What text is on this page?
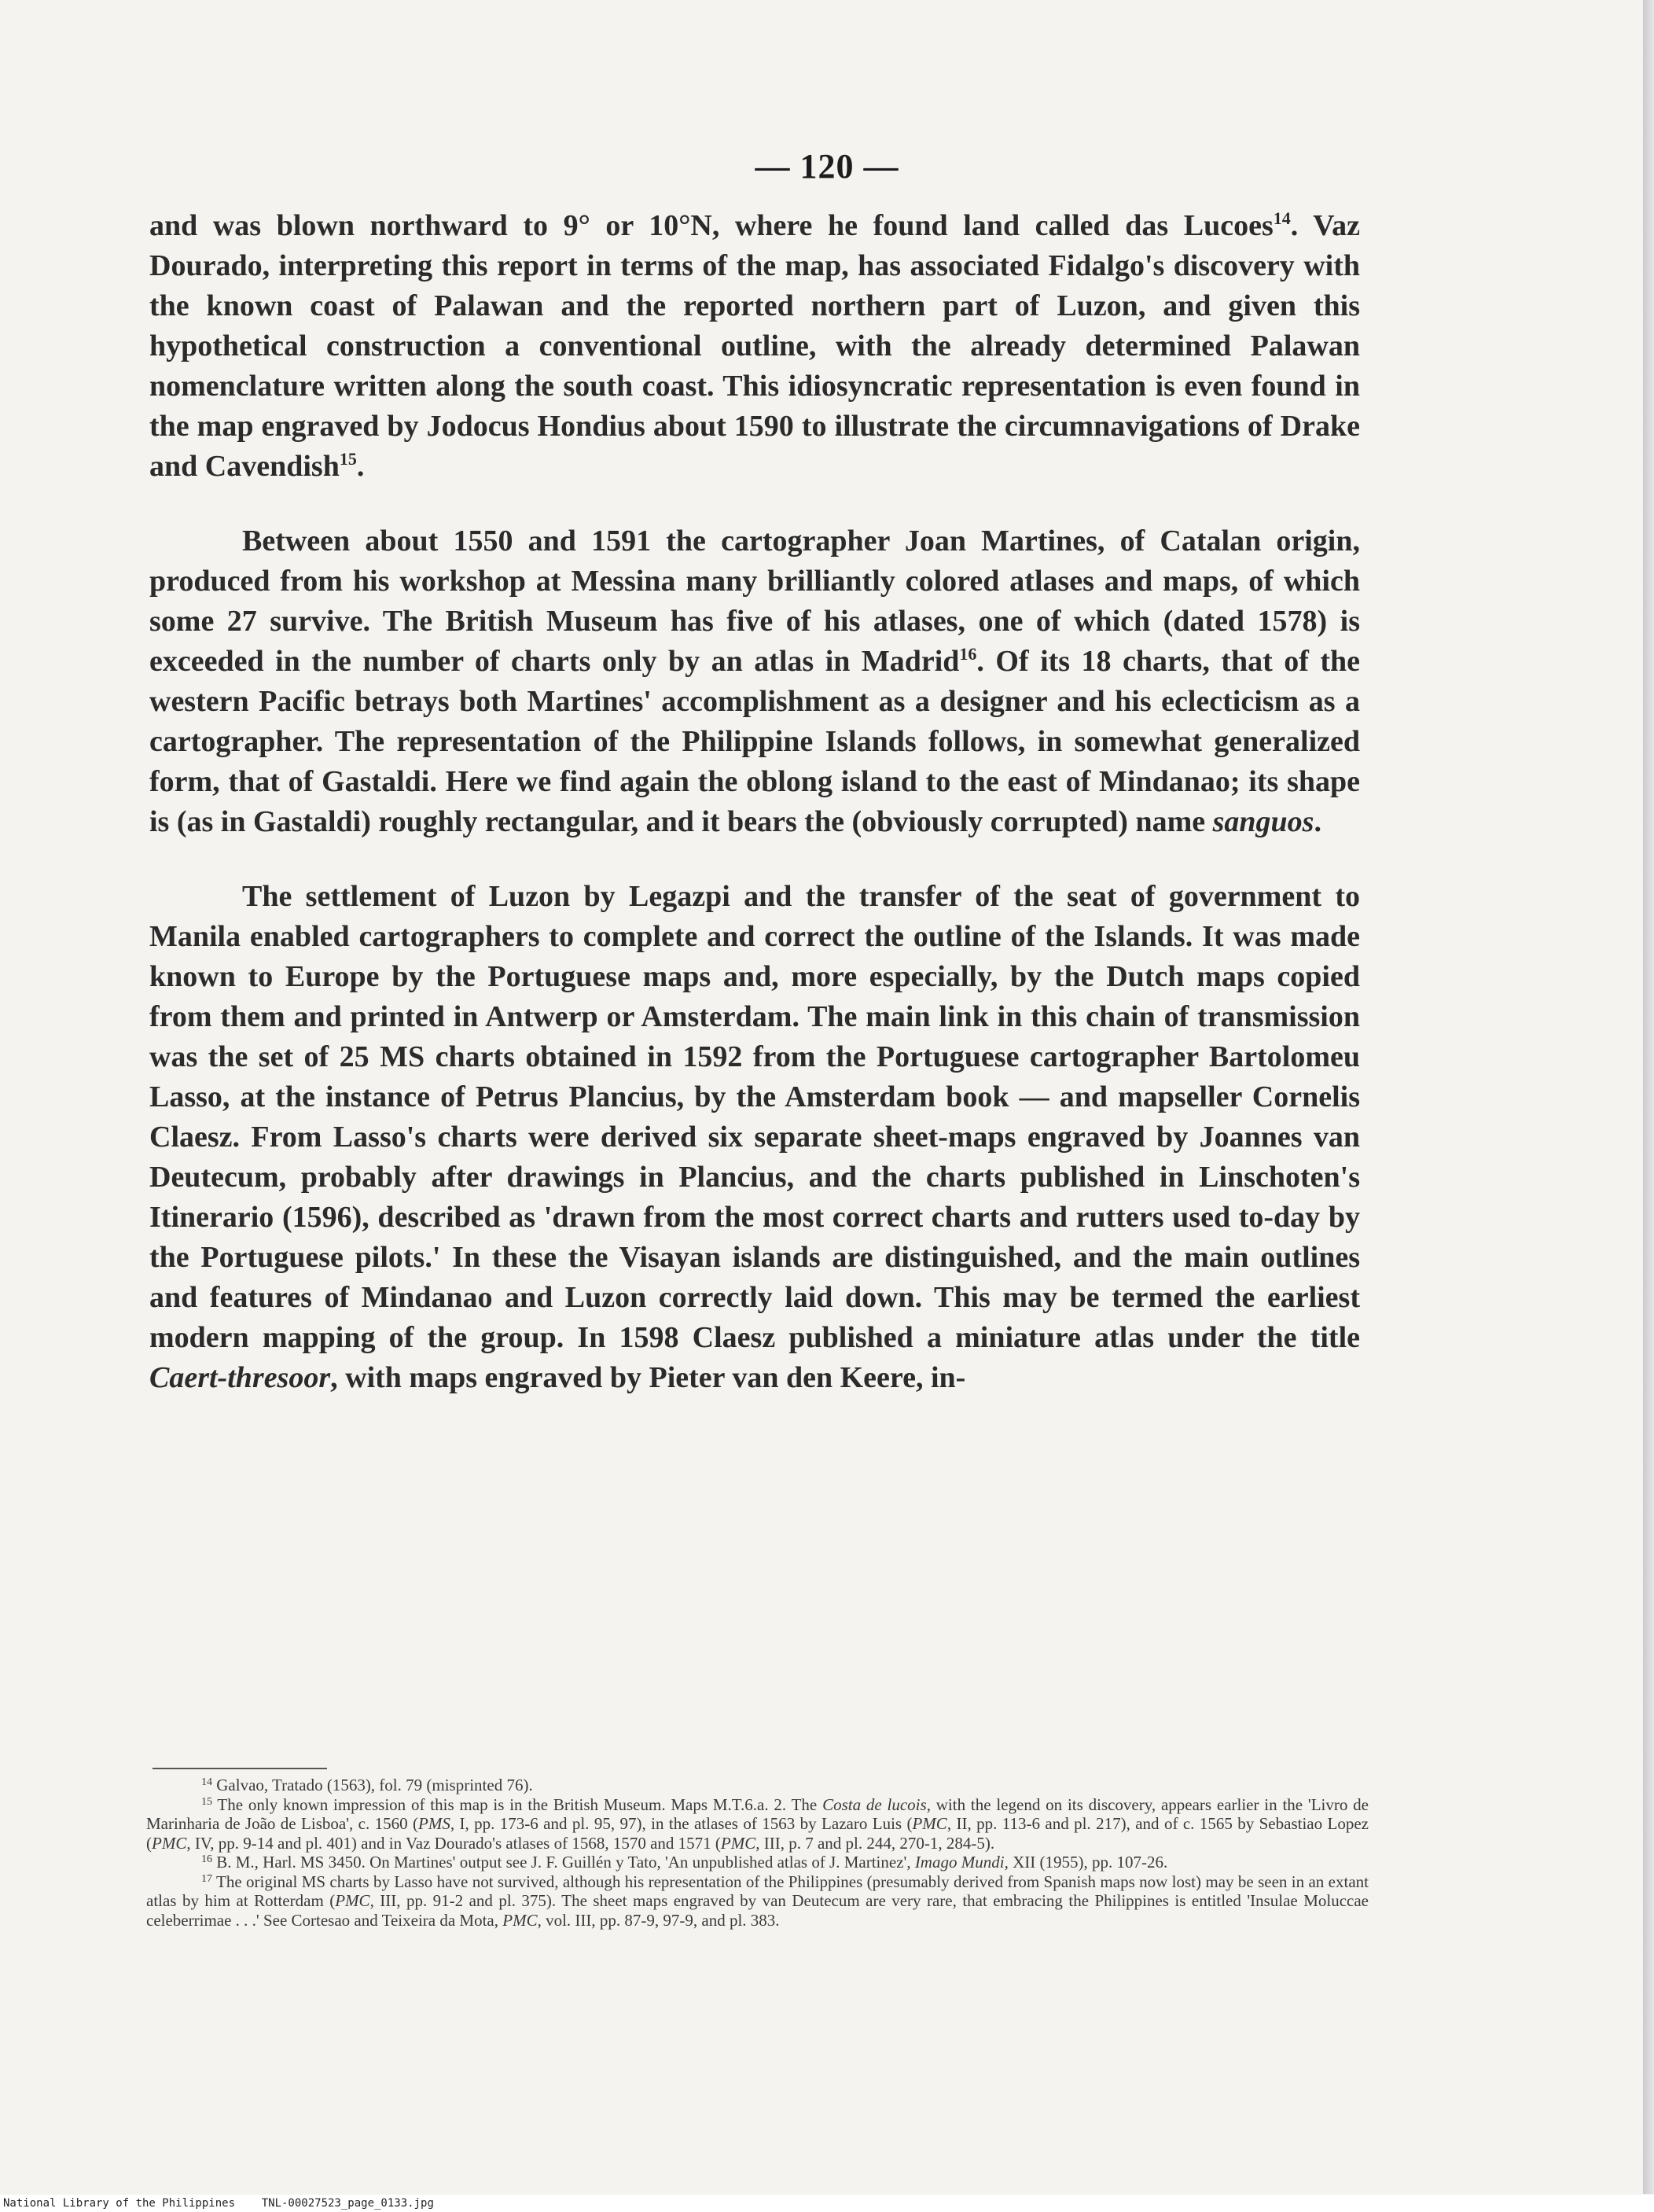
— 120 —

and was blown northward to 9° or 10°N, where he found land called das Lucoes$^{14}$. Vaz Dourado, interpreting this report in terms of the map, has associated Fidalgo's discovery with the known coast of Palawan and the reported northern part of Luzon, and given this hypothetical construction a conventional outline, with the already determined Palawan nomenclature written along the south coast. This idiosyncratic representation is even found in the map engraved by Jodocus Hondius about 1590 to illustrate the circumnavigations of Drake and Cavendish$^{15}$.

Between about 1550 and 1591 the cartographer Joan Martines, of Catalan origin, produced from his workshop at Messina many brilliantly colored atlases and maps, of which some 27 survive. The British Museum has five of his atlases, one of which (dated 1578) is exceeded in the number of charts only by an atlas in Madrid$^{16}$. Of its 18 charts, that of the western Pacific betrays both Martines' accomplishment as a designer and his eclecticism as a cartographer. The representation of the Philippine Islands follows, in somewhat generalized form, that of Gastaldi. Here we find again the oblong island to the east of Mindanao; its shape is (as in Gastaldi) roughly rectangular, and it bears the (obviously corrupted) name sanguos.

The settlement of Luzon by Legazpi and the transfer of the seat of government to Manila enabled cartographers to complete and correct the outline of the Islands. It was made known to Europe by the Portuguese maps and, more especially, by the Dutch maps copied from them and printed in Antwerp or Amsterdam. The main link in this chain of transmission was the set of 25 MS charts obtained in 1592 from the Portuguese cartographer Bartolomeu Lasso, at the instance of Petrus Plancius, by the Amsterdam book — and mapseller Cornelis Claesz. From Lasso's charts were derived six separate sheet-maps engraved by Joannes van Deutecum, probably after drawings in Plancius, and the charts published in Linschoten's Itinerario (1596), described as 'drawn from the most correct charts and rutters used to-day by the Portuguese pilots.' In these the Visayan islands are distinguished, and the main outlines and features of Mindanao and Luzon correctly laid down. This may be termed the earliest modern mapping of the group. In 1598 Claesz published a miniature atlas under the title Caert-thresoor, with maps engraved by Pieter van den Keere, in-

$^{14}$ Galvao, Tratado (1563), fol. 79 (misprinted 76).

$^{15}$ The only known impression of this map is in the British Museum. Maps M.T.6.a. 2. The Costa de lucois, with the legend on its discovery, appears earlier in the 'Livro de Marinharia de João de Lisboa', c. 1560 (PMS, I, pp. 173-6 and pl. 95, 97), in the atlases of 1563 by Lazaro Luis (PMC, II, pp. 113-6 and pl. 217), and of c. 1565 by Sebastiao Lopez (PMC, IV, pp. 9-14 and pl. 401) and in Vaz Dourado's atlases of 1568, 1570 and 1571 (PMC, III, p. 7 and pl. 244, 270-1, 284-5).

$^{16}$ B. M., Harl. MS 3450. On Martines' output see J. F. Guillén y Tato, 'An unpublished atlas of J. Martinez', Imago Mundi, XII (1955), pp. 107-26.

$^{17}$ The original MS charts by Lasso have not survived, although his representation of the Philippines (presumably derived from Spanish maps now lost) may be seen in an extant atlas by him at Rotterdam (PMC, III, pp. 91-2 and pl. 375). The sheet maps engraved by van Deutecum are very rare, that embracing the Philippines is entitled 'Insulae Moluccae celeberrimae . . .' See Cortesao and Teixeira da Mota, PMC, vol. III, pp. 87-9, 97-9, and pl. 383.

National Library of the Philippines    TNL-00027523_page_0133.jpg
